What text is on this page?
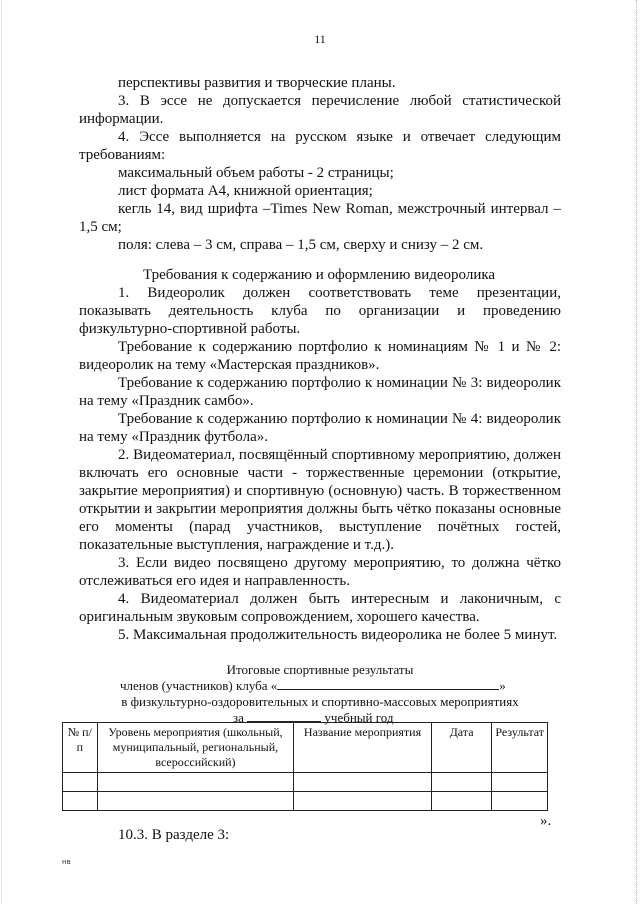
11
перспективы развития и творческие планы.
3. В эссе не допускается перечисление любой статистической
информации.
4. Эссе выполняется на русском языке и отвечает следующим
требованиям:
максимальный объем работы - 2 страницы;
лист формата А4, книжной ориентация;
кегль 14, вид шрифта –Times New Roman, межстрочный интервал –
1,5 см;
поля: слева – 3 см, справа – 1,5 см, сверху и снизу – 2 см.
Требования к содержанию и оформлению видеоролика
1. Видеоролик должен соответствовать теме презентации,
показывать деятельность клуба по организации и проведению
физкультурно-спортивной работы.
Требование к содержанию портфолио к номинациям № 1 и № 2:
видеоролик на тему «Мастерская праздников».
Требование к содержанию портфолио к номинации № 3: видеоролик
на тему «Праздник самбо».
Требование к содержанию портфолио к номинации № 4: видеоролик
на тему «Праздник футбола».
2. Видеоматериал, посвящённый спортивному мероприятию, должен
включать его основные части - торжественные церемонии (открытие,
закрытие мероприятия) и спортивную (основную) часть. В торжественном
открытии и закрытии мероприятия должны быть чётко показаны основные
его моменты (парад участников, выступление почётных гостей,
показательные выступления, награждение и т.д.).
3. Если видео посвящено другому мероприятию, то должна чётко
отслеживаться его идея и направленность.
4. Видеоматериал должен быть интересным и лаконичным, с
оригинальным звуковым сопровождением, хорошего качества.
5. Максимальная продолжительность видеоролика не более 5 минут.
Итоговые спортивные результаты
членов (участников) клуба «	»
в физкультурно-оздоровительных и спортивно-массовых мероприятиях
за	учебный год
№ п/п	Уровень мероприятия (школьный, муниципальный, региональный, всероссийский)	Название мероприятия	Дата	Результат

».
10.3. В разделе 3:
нв
